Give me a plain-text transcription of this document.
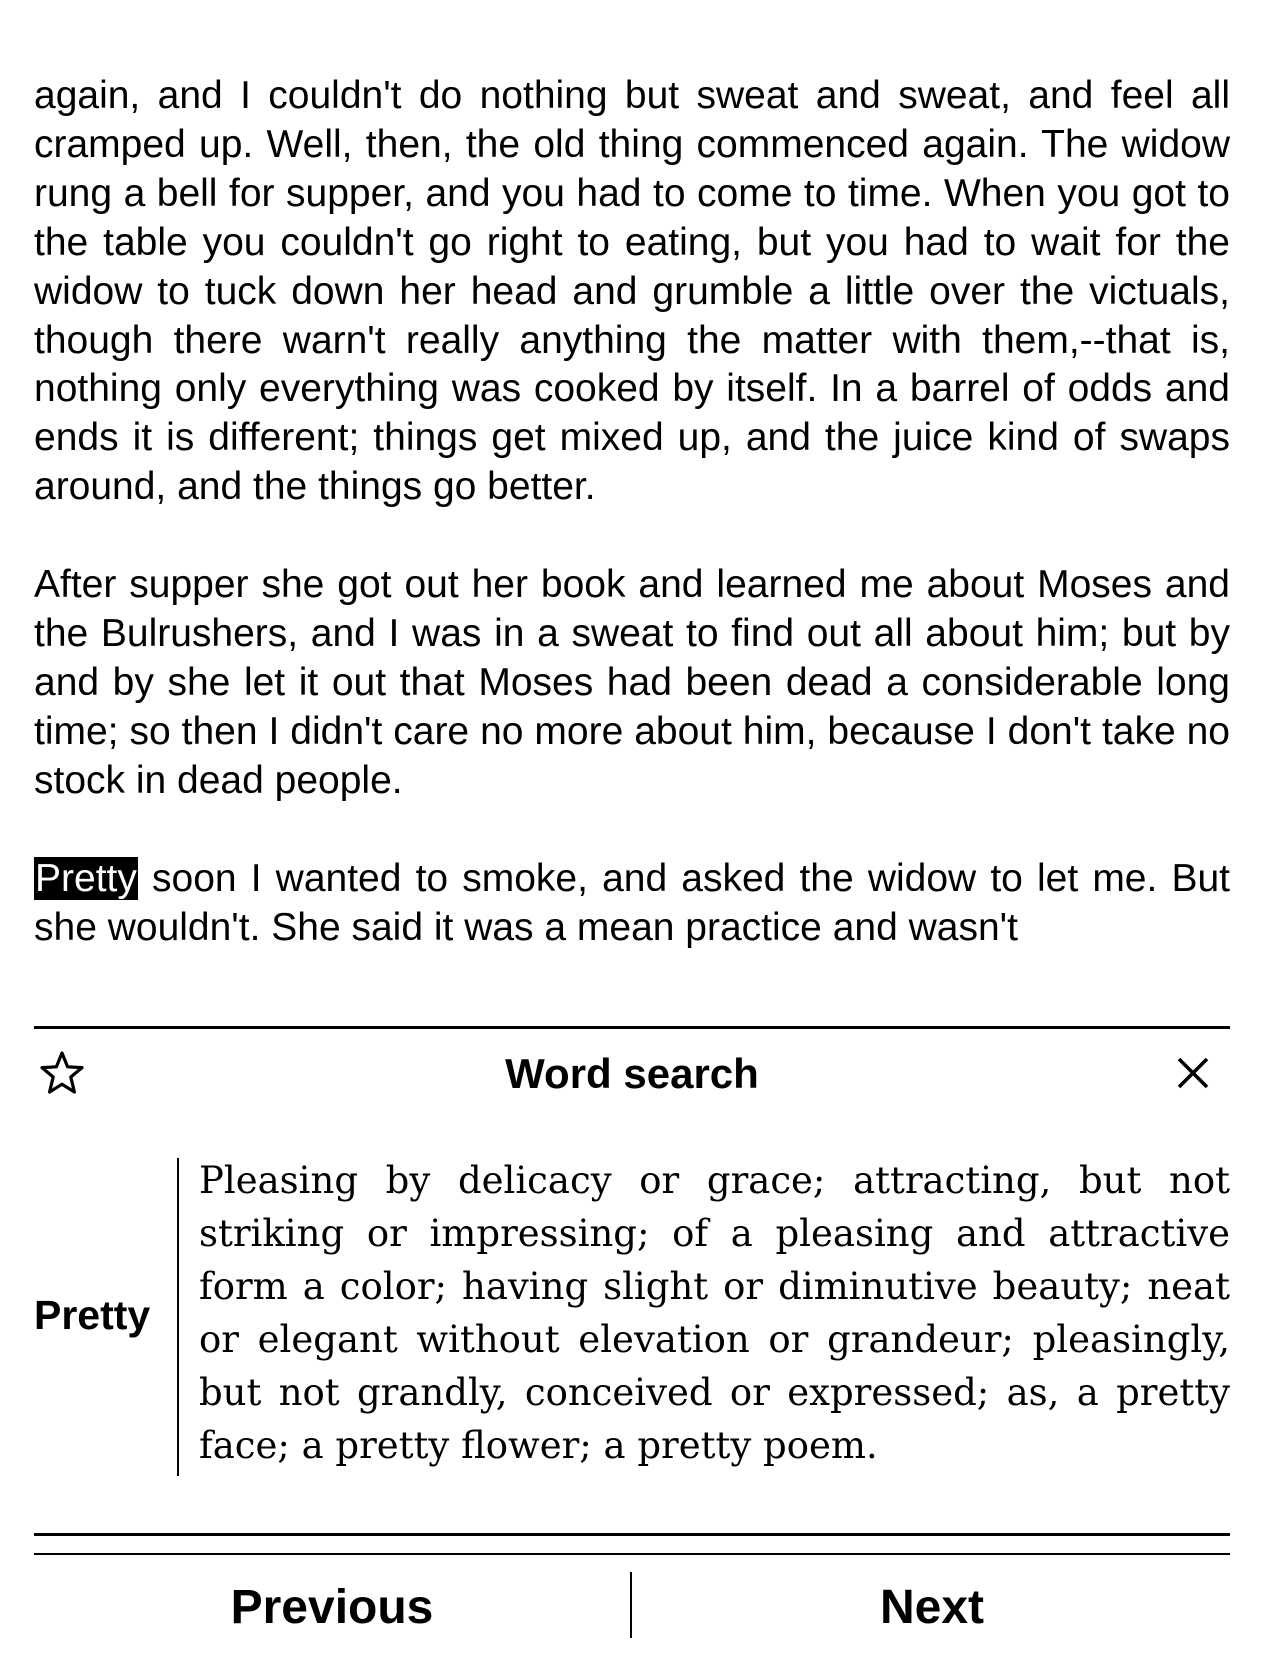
again, and I couldn't do nothing but sweat and sweat, and feel all cramped up. Well, then, the old thing commenced again. The widow rung a bell for supper, and you had to come to time. When you got to the table you couldn't go right to eating, but you had to wait for the widow to tuck down her head and grumble a little over the victuals, though there warn't really anything the matter with them,--that is, nothing only everything was cooked by itself. In a barrel of odds and ends it is different; things get mixed up, and the juice kind of swaps around, and the things go better.

After supper she got out her book and learned me about Moses and the Bulrushers, and I was in a sweat to find out all about him; but by and by she let it out that Moses had been dead a considerable long time; so then I didn't care no more about him, because I don't take no stock in dead people.

Pretty soon I wanted to smoke, and asked the widow to let me. But she wouldn't. She said it was a mean practice and wasn't

Word search
Pretty

Pleasing by delicacy or grace; attracting, but not striking or impressing; of a pleasing and attractive form a color; having slight or diminutive beauty; neat or elegant without elevation or grandeur; pleasingly, but not grandly, conceived or expressed; as, a pretty face; a pretty flower; a pretty poem.

Previous	Next
